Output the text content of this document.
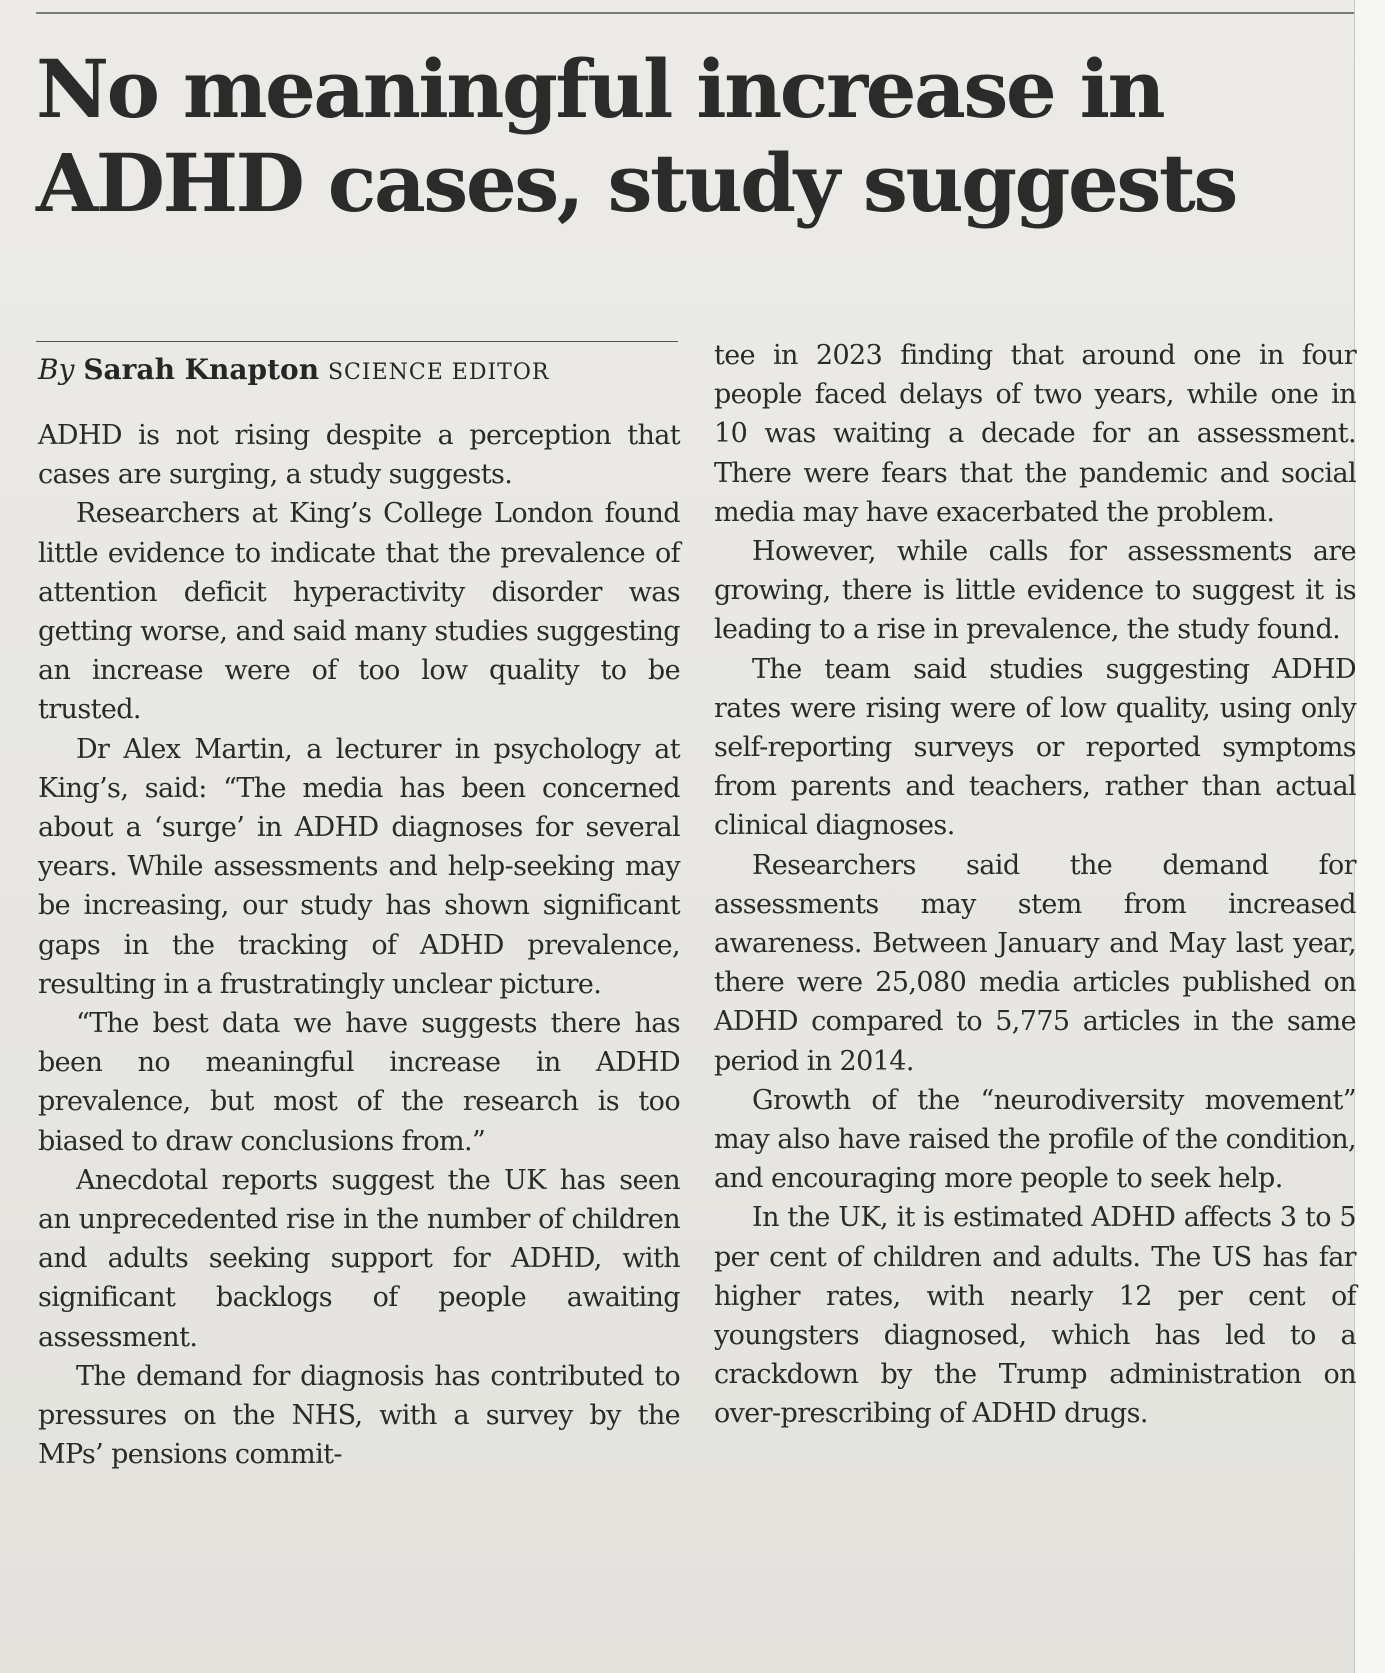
No meaningful increase in ADHD cases, study suggests
By Sarah Knapton SCIENCE EDITOR

ADHD is not rising despite a perception that cases are surging, a study suggests.

Researchers at King’s College London found little evidence to indicate that the prevalence of attention deficit hyperactivity disorder was getting worse, and said many studies suggesting an increase were of too low quality to be trusted.

Dr Alex Martin, a lecturer in psychology at King’s, said: “The media has been concerned about a ‘surge’ in ADHD diagnoses for several years. While assessments and help-seeking may be increasing, our study has shown significant gaps in the tracking of ADHD prevalence, resulting in a frustratingly unclear picture.

“The best data we have suggests there has been no meaningful increase in ADHD prevalence, but most of the research is too biased to draw conclusions from.”

Anecdotal reports suggest the UK has seen an unprecedented rise in the number of children and adults seeking support for ADHD, with significant backlogs of people awaiting assessment.

The demand for diagnosis has contributed to pressures on the NHS, with a survey by the MPs’ pensions commit-

tee in 2023 finding that around one in four people faced delays of two years, while one in 10 was waiting a decade for an assessment. There were fears that the pandemic and social media may have exacerbated the problem.

However, while calls for assessments are growing, there is little evidence to suggest it is leading to a rise in prevalence, the study found.

The team said studies suggesting ADHD rates were rising were of low quality, using only self-reporting surveys or reported symptoms from parents and teachers, rather than actual clinical diagnoses.

Researchers said the demand for assessments may stem from increased awareness. Between January and May last year, there were 25,080 media articles published on ADHD compared to 5,775 articles in the same period in 2014.

Growth of the “neurodiversity movement” may also have raised the profile of the condition, and encouraging more people to seek help.

In the UK, it is estimated ADHD affects 3 to 5 per cent of children and adults. The US has far higher rates, with nearly 12 per cent of youngsters diagnosed, which has led to a crackdown by the Trump administration on over-prescribing of ADHD drugs.
